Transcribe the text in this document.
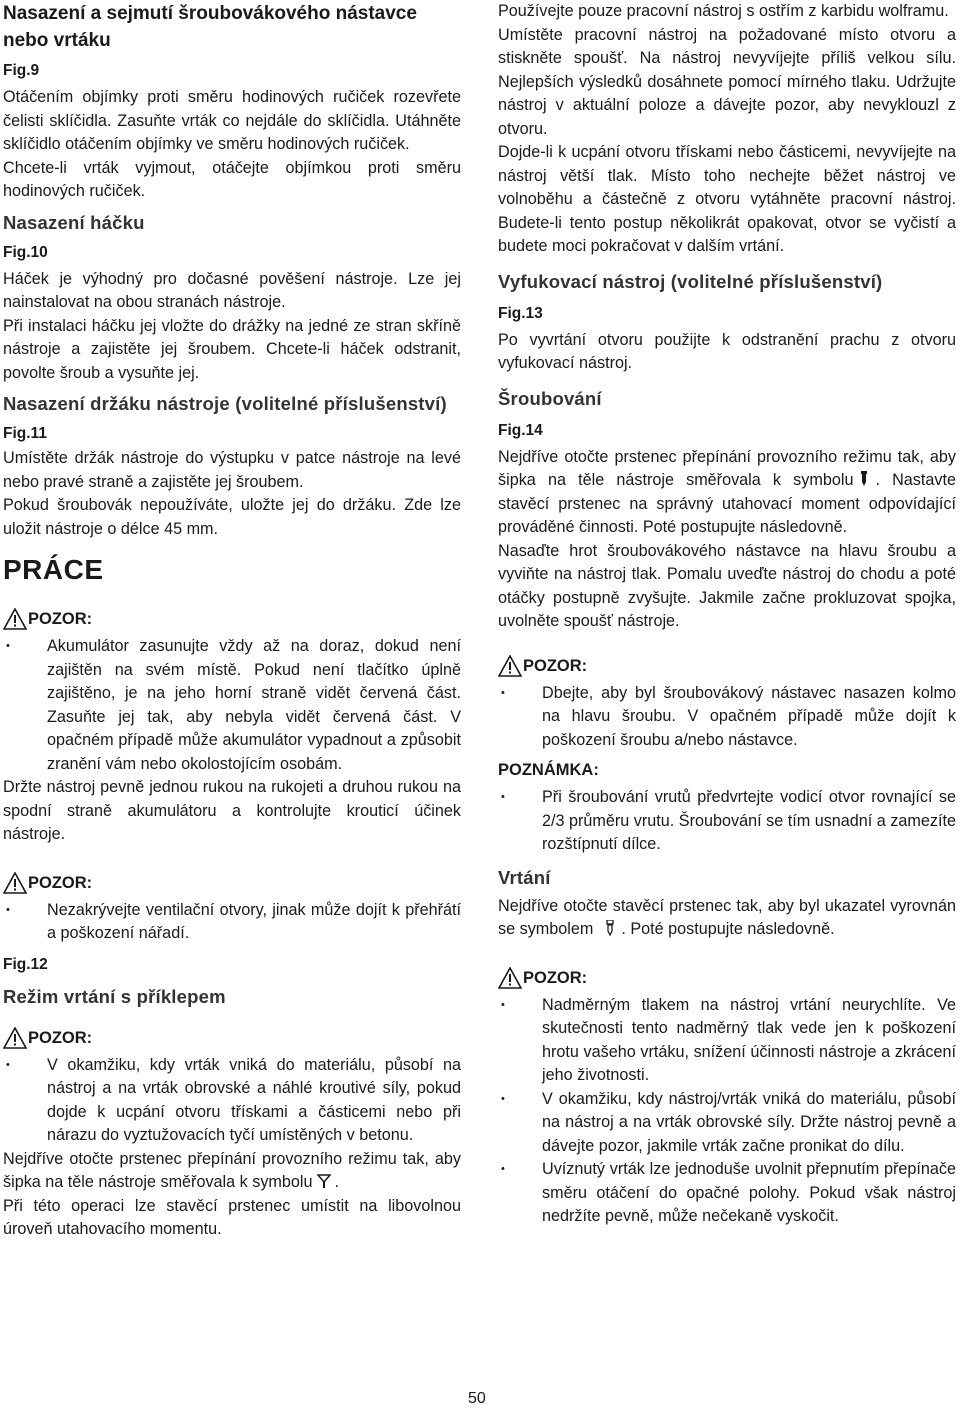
Nasazení a sejmutí šroubovákového nástavce nebo vrtáku
Fig.9

Otáčením objímky proti směru hodinových ručiček rozevřete čelisti sklíčidla. Zasuňte vrták co nejdále do sklíčidla. Utáhněte sklíčidlo otáčením objímky ve směru hodinových ručiček.

Chcete-li vrták vyjmout, otáčejte objímkou proti směru hodinových ručiček.

Nasazení háčku
Fig.10

Háček je výhodný pro dočasné pověšení nástroje. Lze jej nainstalovat na obou stranách nástroje.

Při instalaci háčku jej vložte do drážky na jedné ze stran skříně nástroje a zajistěte jej šroubem. Chcete-li háček odstranit, povolte šroub a vysuňte jej.

Nasazení držáku nástroje (volitelné příslušenství)
Fig.11

Umístěte držák nástroje do výstupku v patce nástroje na levé nebo pravé straně a zajistěte jej šroubem.

Pokud šroubovák nepoužíváte, uložte jej do držáku. Zde lze uložit nástroje o délce 45 mm.

PRÁCE
POZOR:
• Akumulátor zasunujte vždy až na doraz, dokud není zajištěn na svém místě. Pokud není tlačítko úplně zajištěno, je na jeho horní straně vidět červená část. Zasuňte jej tak, aby nebyla vidět červená část. V opačném případě může akumulátor vypadnout a způsobit zranění vám nebo okolostojícím osobám.

Držte nástroj pevně jednou rukou na rukojeti a druhou rukou na spodní straně akumulátoru a kontrolujte krouticí účinek nástroje.

POZOR:
• Nezakrývejte ventilační otvory, jinak může dojít k přehřátí a poškození nářadí.
Fig.12
Režim vrtání s příklepem
POZOR:
• V okamžiku, kdy vrták vniká do materiálu, působí na nástroj a na vrták obrovské a náhlé kroutivé síly, pokud dojde k ucpání otvoru třískami a částicemi nebo při nárazu do vyztužovacích tyčí umístěných v betonu.

Nejdříve otočte prstenec přepínání provozního režimu tak, aby šipka na těle nástroje směřovala k symbolu .

Při této operaci lze stavěcí prstenec umístit na libovolnou úroveň utahovacího momentu.

Používejte pouze pracovní nástroj s ostřím z karbidu wolframu.

Umístěte pracovní nástroj na požadované místo otvoru a stiskněte spoušť. Na nástroj nevyvíjejte příliš velkou sílu. Nejlepších výsledků dosáhnete pomocí mírného tlaku. Udržujte nástroj v aktuální poloze a dávejte pozor, aby nevyklouzl z otvoru.

Dojde-li k ucpání otvoru třískami nebo částicemi, nevyvíjejte na nástroj větší tlak. Místo toho nechejte běžet nástroj ve volnoběhu a částečně z otvoru vytáhněte pracovní nástroj. Budete-li tento postup několikrát opakovat, otvor se vyčistí a budete moci pokračovat v dalším vrtání.

Vyfukovací nástroj (volitelné příslušenství)
Fig.13

Po vyvrtání otvoru použijte k odstranění prachu z otvoru vyfukovací nástroj.

Šroubování
Fig.14

Nejdříve otočte prstenec přepínání provozního režimu tak, aby šipka na těle nástroje směřovala k symbolu . Nastavte stavěcí prstenec na správný utahovací moment odpovídající prováděné činnosti. Poté postupujte následovně.

Nasaďte hrot šroubovákového nástavce na hlavu šroubu a vyviňte na nástroj tlak. Pomalu uveďte nástroj do chodu a poté otáčky postupně zvyšujte. Jakmile začne prokluzovat spojka, uvolněte spoušť nástroje.

POZOR:
• Dbejte, aby byl šroubovákový nástavec nasazen kolmo na hlavu šroubu. V opačném případě může dojít k poškození šroubu a/nebo nástavce.
POZNÁMKA:
• Při šroubování vrutů předvrtejte vodicí otvor rovnající se 2/3 průměru vrutu. Šroubování se tím usnadní a zamezíte rozštípnutí dílce.
Vrtání

Nejdříve otočte stavěcí prstenec tak, aby byl ukazatel vyrovnán se symbolem . Poté postupujte následovně.

POZOR:
• Nadměrným tlakem na nástroj vrtání neurychlíte. Ve skutečnosti tento nadměrný tlak vede jen k poškození hrotu vašeho vrtáku, snížení účinnosti nástroje a zkrácení jeho životnosti.
• V okamžiku, kdy nástroj/vrták vniká do materiálu, působí na nástroj a na vrták obrovské síly. Držte nástroj pevně a dávejte pozor, jakmile vrták začne pronikat do dílu.
• Uvíznutý vrták lze jednoduše uvolnit přepnutím přepínače směru otáčení do opačné polohy. Pokud však nástroj nedržíte pevně, může nečekaně vyskočit.
50
